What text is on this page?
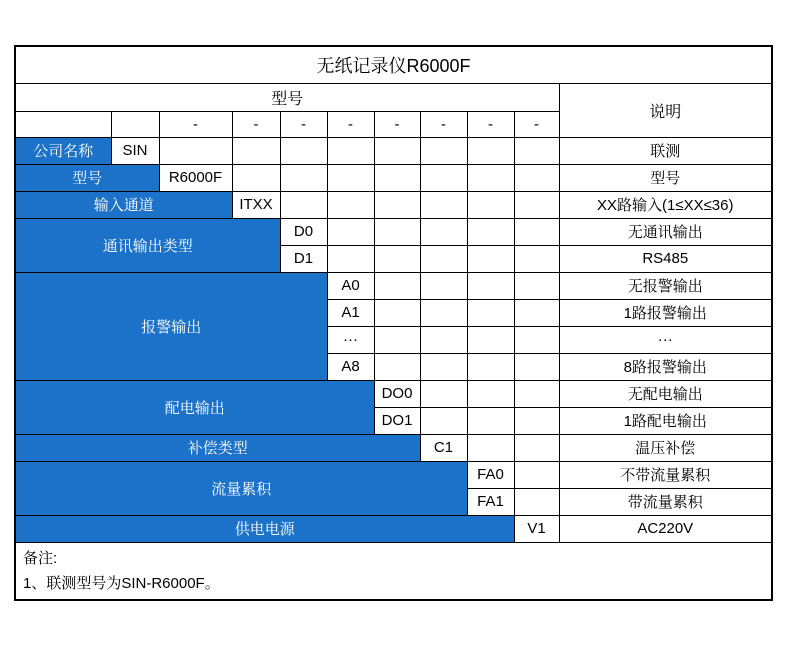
无纸记录仪R6000F										
型号										说明
		-	-	-	-	-	-	-	-	
公司名称	SIN									联测
型号		R6000F								型号
输入通道			ITXX							XX路输入(1≤XX≤36)
通讯输出类型				D0						无通讯输出
				D1						RS485
报警输出					A0					无报警输出
					A1					1路报警输出
					···					···
					A8					8路报警输出
配电输出						DO0				无配电输出
						DO1				1路配电输出
补偿类型							C1			温压补偿
流量累积								FA0		不带流量累积
								FA1		带流量累积
供电电源									V1	AC220V

备注:
1、联测型号为SIN-R6000F。										
